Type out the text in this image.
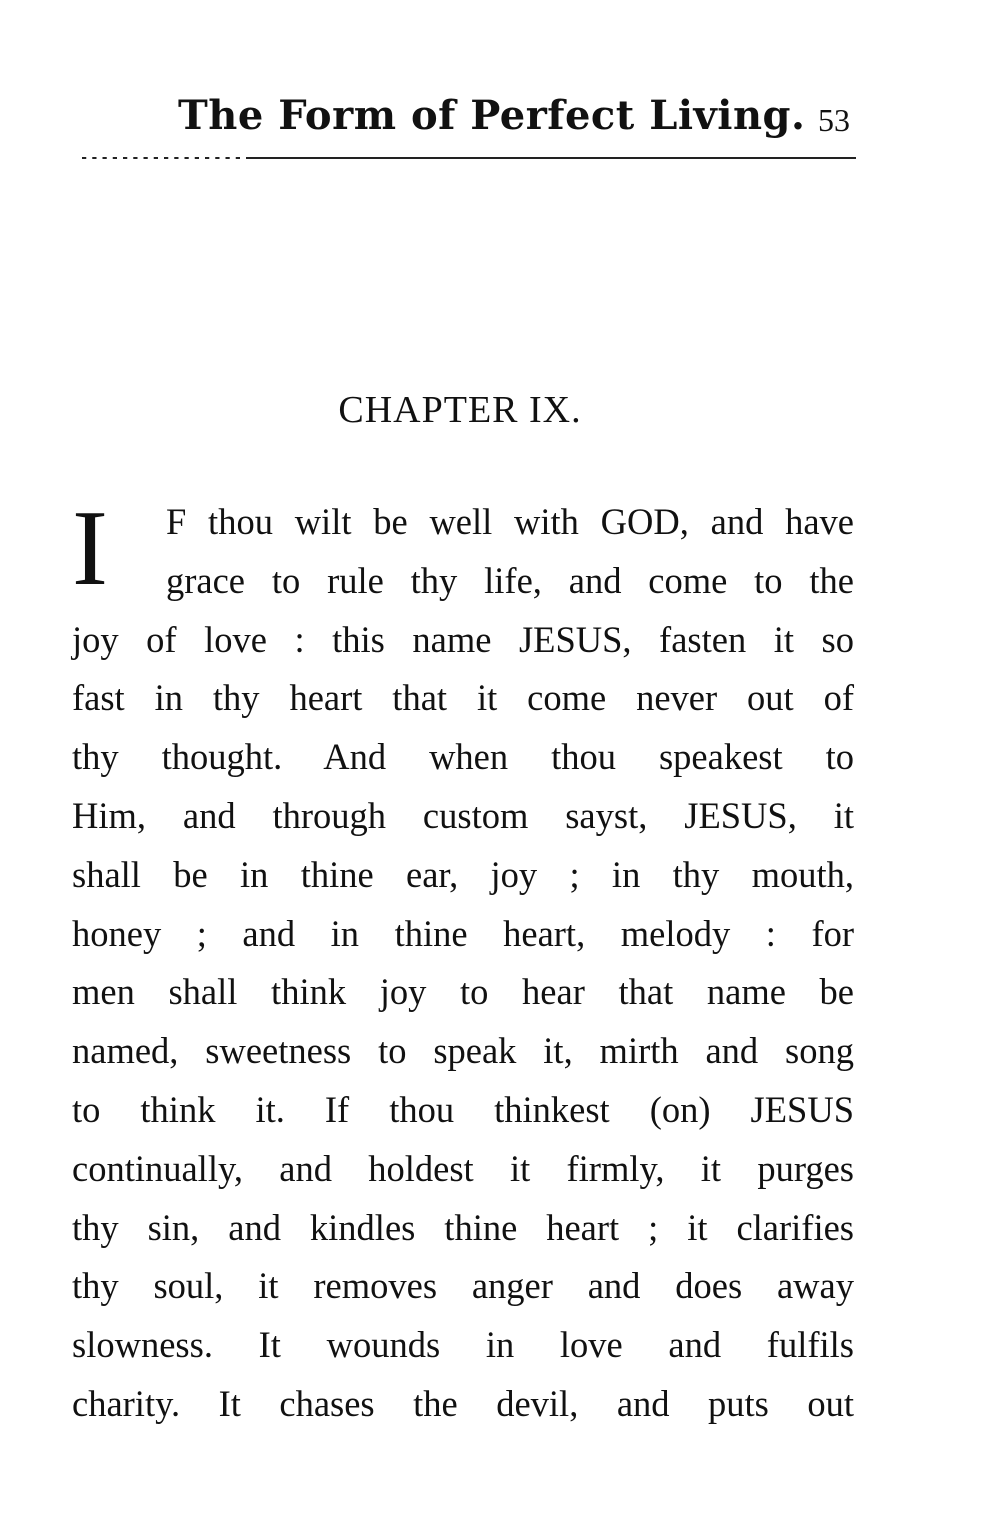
The Form of Perfect Living. 53
CHAPTER IX.
I	F thou wilt be well with GOD, and have
grace to rule thy life, and come to the
joy of love : this name JESUS, fasten it so
fast in thy heart that it come never out of
thy thought. And when thou speakest to
Him, and through custom sayst, JESUS, it
shall be in thine ear, joy ; in thy mouth,
honey ; and in thine heart, melody : for
men shall think joy to hear that name be
named, sweetness to speak it, mirth and song
to think it. If thou thinkest (on) JESUS
continually, and holdest it firmly, it purges
thy sin, and kindles thine heart ; it clarifies
thy soul, it removes anger and does away
slowness. It wounds in love and fulfils
charity. It chases the devil, and puts out
